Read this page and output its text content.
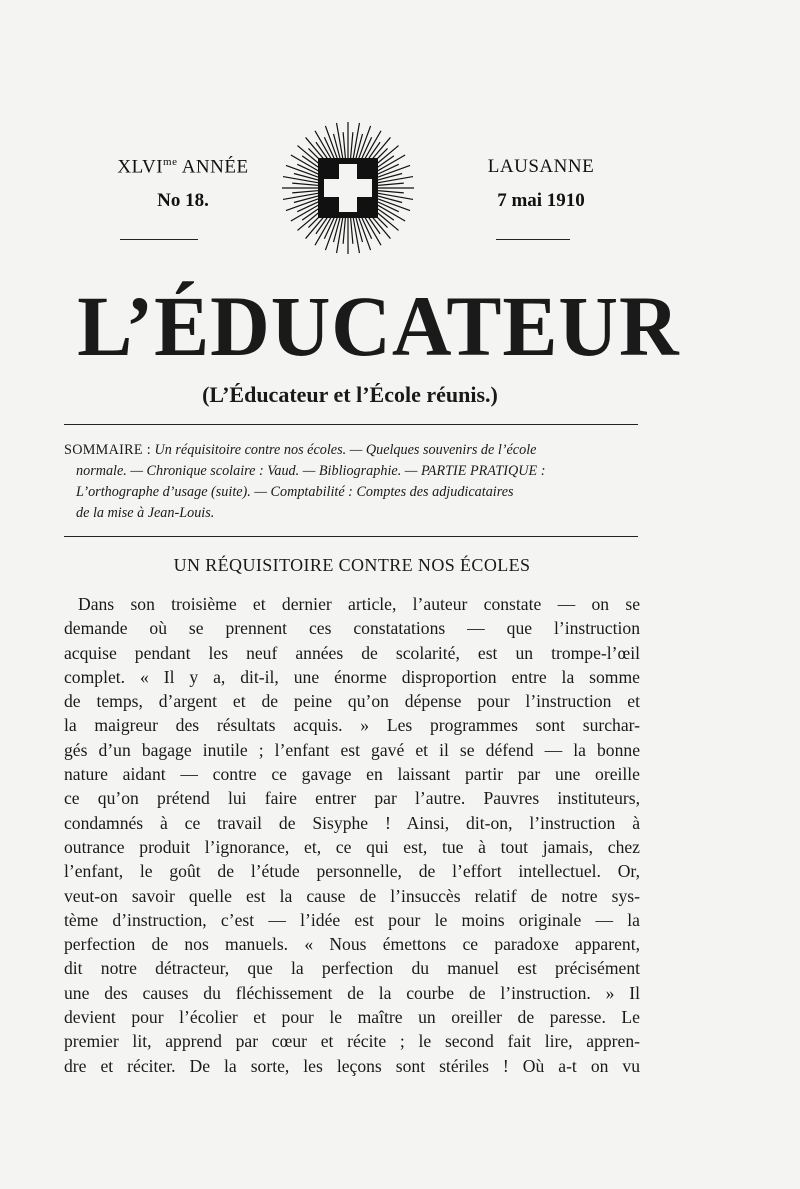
$XLVI^{me}$ ANNÉE
No 18.
LAUSANNE
7 mai 1910
L’ÉDUCATEUR
(L’Éducateur et l’École réunis.)
SOMMAIRE : Un réquisitoire contre nos écoles. — Quelques souvenirs de l’école
normale. — Chronique scolaire : Vaud. — Bibliographie. — PARTIE PRATIQUE :
L’orthographe d’usage (suite). — Comptabilité : Comptes des adjudicataires
de la mise à Jean-Louis.
UN RÉQUISITOIRE CONTRE NOS ÉCOLES
Dans son troisième et dernier article, l’auteur constate — on se
demande où se prennent ces constatations — que l’instruction
acquise pendant les neuf années de scolarité, est un trompe-l’œil
complet. « Il y a, dit-il, une énorme disproportion entre la somme
de temps, d’argent et de peine qu’on dépense pour l’instruction et
la maigreur des résultats acquis. » Les programmes sont surchar-
gés d’un bagage inutile ; l’enfant est gavé et il se défend — la bonne
nature aidant — contre ce gavage en laissant partir par une oreille
ce qu’on prétend lui faire entrer par l’autre. Pauvres instituteurs,
condamnés à ce travail de Sisyphe ! Ainsi, dit-on, l’instruction à
outrance produit l’ignorance, et, ce qui est, tue à tout jamais, chez
l’enfant, le goût de l’étude personnelle, de l’effort intellectuel. Or,
veut-on savoir quelle est la cause de l’insuccès relatif de notre sys-
tème d’instruction, c’est — l’idée est pour le moins originale — la
perfection de nos manuels. « Nous émettons ce paradoxe apparent,
dit notre détracteur, que la perfection du manuel est précisément
une des causes du fléchissement de la courbe de l’instruction. » Il
devient pour l’écolier et pour le maître un oreiller de paresse. Le
premier lit, apprend par cœur et récite ; le second fait lire, appren-
dre et réciter. De la sorte, les leçons sont stériles ! Où a-t on vu
